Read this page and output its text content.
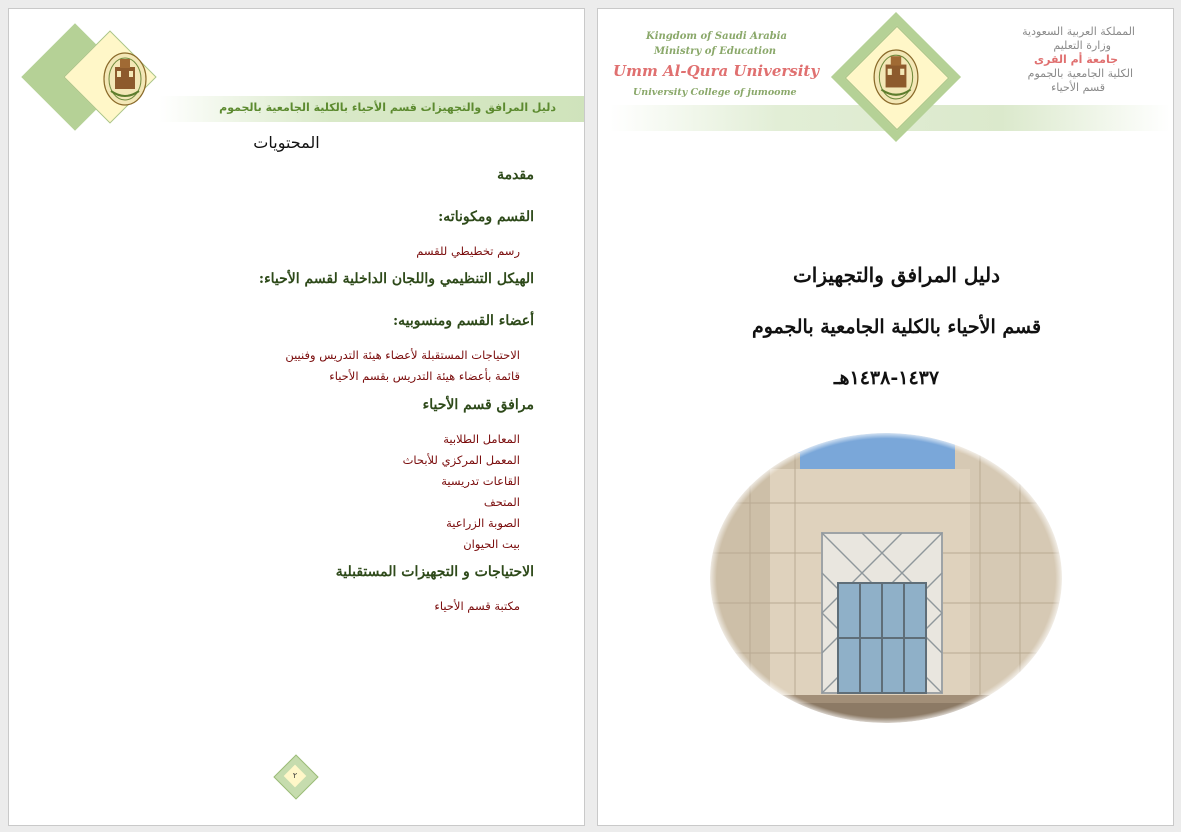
دليل المرافق والتجهيزات قسم الأحياء بالكلية الجامعية بالجموم
المحتويات
مقدمة
القسم ومكوناته:
رسم تخطيطي للقسم
الهيكل التنظيمي واللجان الداخلية لقسم الأحياء:
أعضاء القسم ومنسوبيه:
الاحتياجات المستقبلة لأعضاء هيئة التدريس وفنيين
قائمة بأعضاء هيئة التدريس بقسم الأحياء
مرافق قسم الأحياء
المعامل الطلابية
المعمل المركزي للأبحاث
القاعات تدريسية
المتحف
الصوبة الزراعية
بيت الحيوان
الاحتياجات و التجهيزات المستقبلية
مكتبة قسم الأحياء
٢
Kingdom of Saudi Arabia
Ministry of Education
Umm Al-Qura University
University College of jumoome
المملكة العربية السعودية
وزارة التعليم
جامعة أم القرى
الكلية الجامعية بالجموم
قسم الأحياء
دليل المرافق والتجهيزات
قسم الأحياء بالكلية الجامعية بالجموم
١٤٣٧-١٤٣٨هـ
